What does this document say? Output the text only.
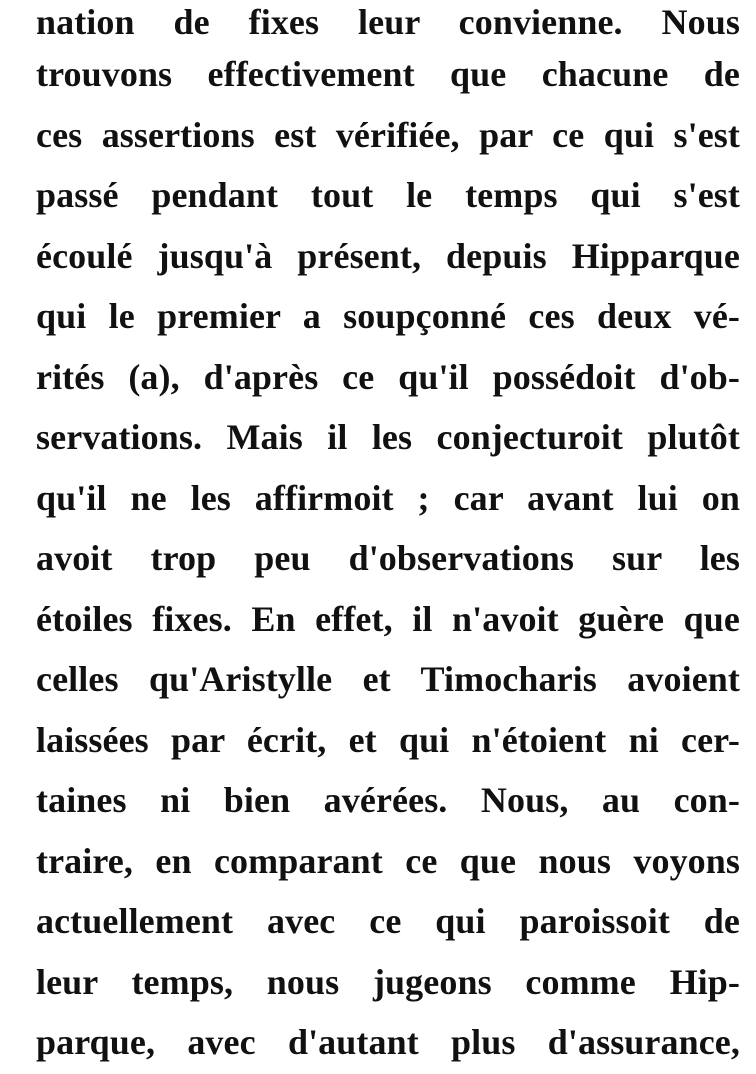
nation de fixes leur convienne. Nous
trouvons effectivement que chacune de
ces assertions est vérifiée, par ce qui s'est
passé pendant tout le temps qui s'est
écoulé jusqu'à présent, depuis Hipparque
qui le premier a soupçonné ces deux vé-
rités (a), d'après ce qu'il possédoit d'ob-
servations. Mais il les conjecturoit plutôt
qu'il ne les affirmoit ; car avant lui on
avoit trop peu d'observations sur les
étoiles fixes. En effet, il n'avoit guère que
celles qu'Aristylle et Timocharis avoient
laissées par écrit, et qui n'étoient ni cer-
taines ni bien avérées. Nous, au con-
traire, en comparant ce que nous voyons
actuellement avec ce qui paroissoit de
leur temps, nous jugeons comme Hip-
parque, avec d'autant plus d'assurance,
